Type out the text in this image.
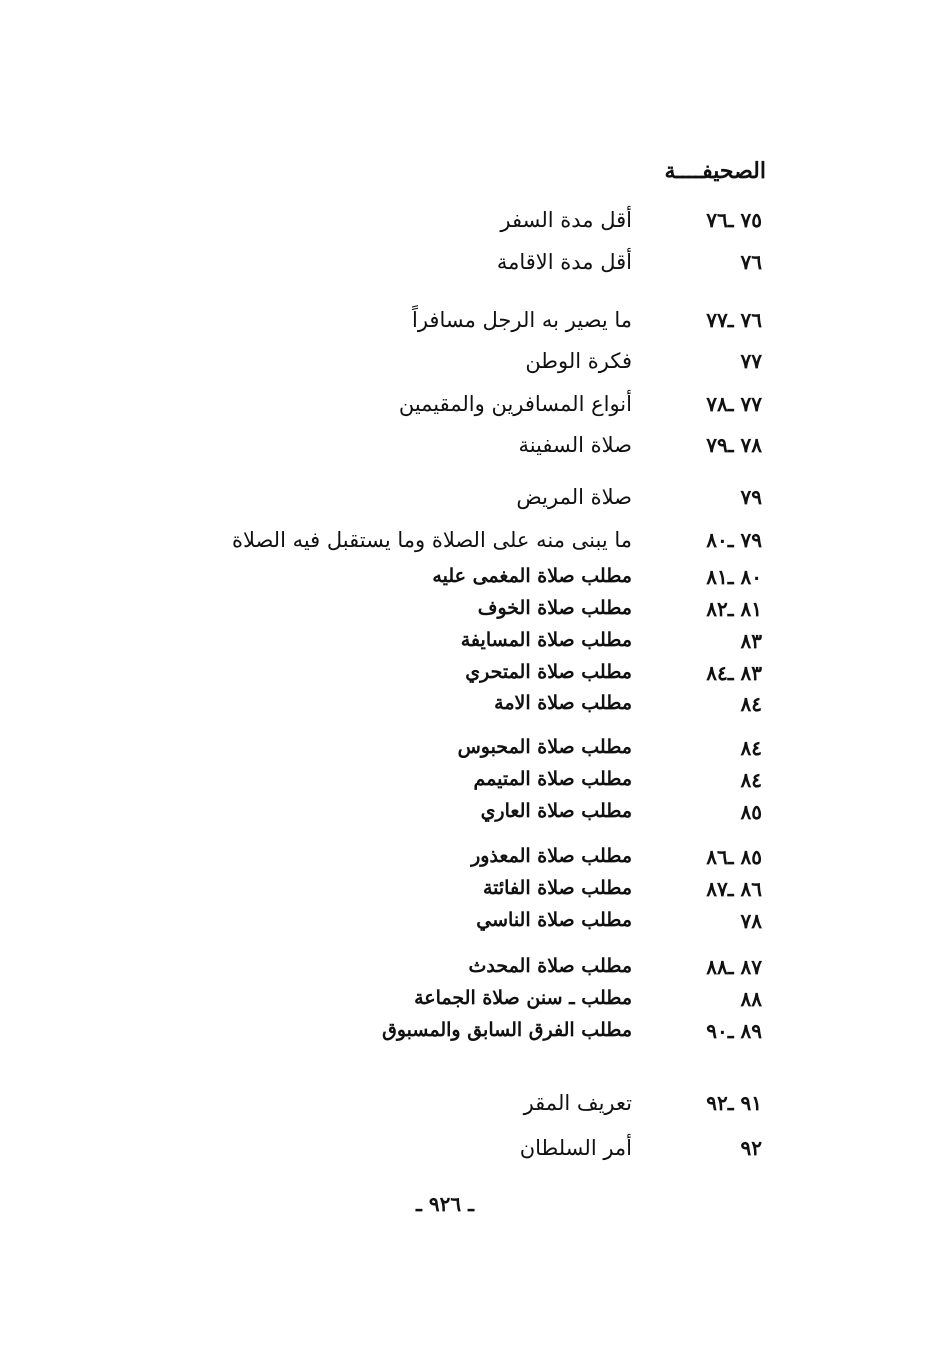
الصحيفــــة
٧٥ ـ٧٦
أقل مدة السفر
٧٦
أقل مدة الاقامة
٧٦ ـ٧٧
ما يصير به الرجل مسافراً
٧٧
فكرة الوطن
٧٧ ـ٧٨
أنواع المسافرين والمقيمين
٧٨ ـ٧٩
صلاة السفينة
٧٩
صلاة المريض
٧٩ ـ٨٠
ما يبنى منه على الصلاة وما يستقبل فيه الصلاة
٨٠ ـ٨١
مطلب صلاة المغمى عليه
٨١ ـ٨٢
مطلب صلاة الخوف
٨٣
مطلب صلاة المسايفة
٨٣ ـ٨٤
مطلب صلاة المتحري
٨٤
مطلب صلاة الامة
٨٤
مطلب صلاة المحبوس
٨٤
مطلب صلاة المتيمم
٨٥
مطلب صلاة العاري
٨٥ ـ٨٦
مطلب صلاة المعذور
٨٦ ـ٨٧
مطلب صلاة الفائتة
٧٨
مطلب صلاة الناسي
٨٧ ـ٨٨
مطلب صلاة المحدث
٨٨
مطلب ـ سنن صلاة الجماعة
٨٩ ـ٩٠
مطلب الفرق السابق والمسبوق
٩١ ـ٩٢
تعريف المقر
٩٢
أمر السلطان
ـ ٩٢٦ ـ
